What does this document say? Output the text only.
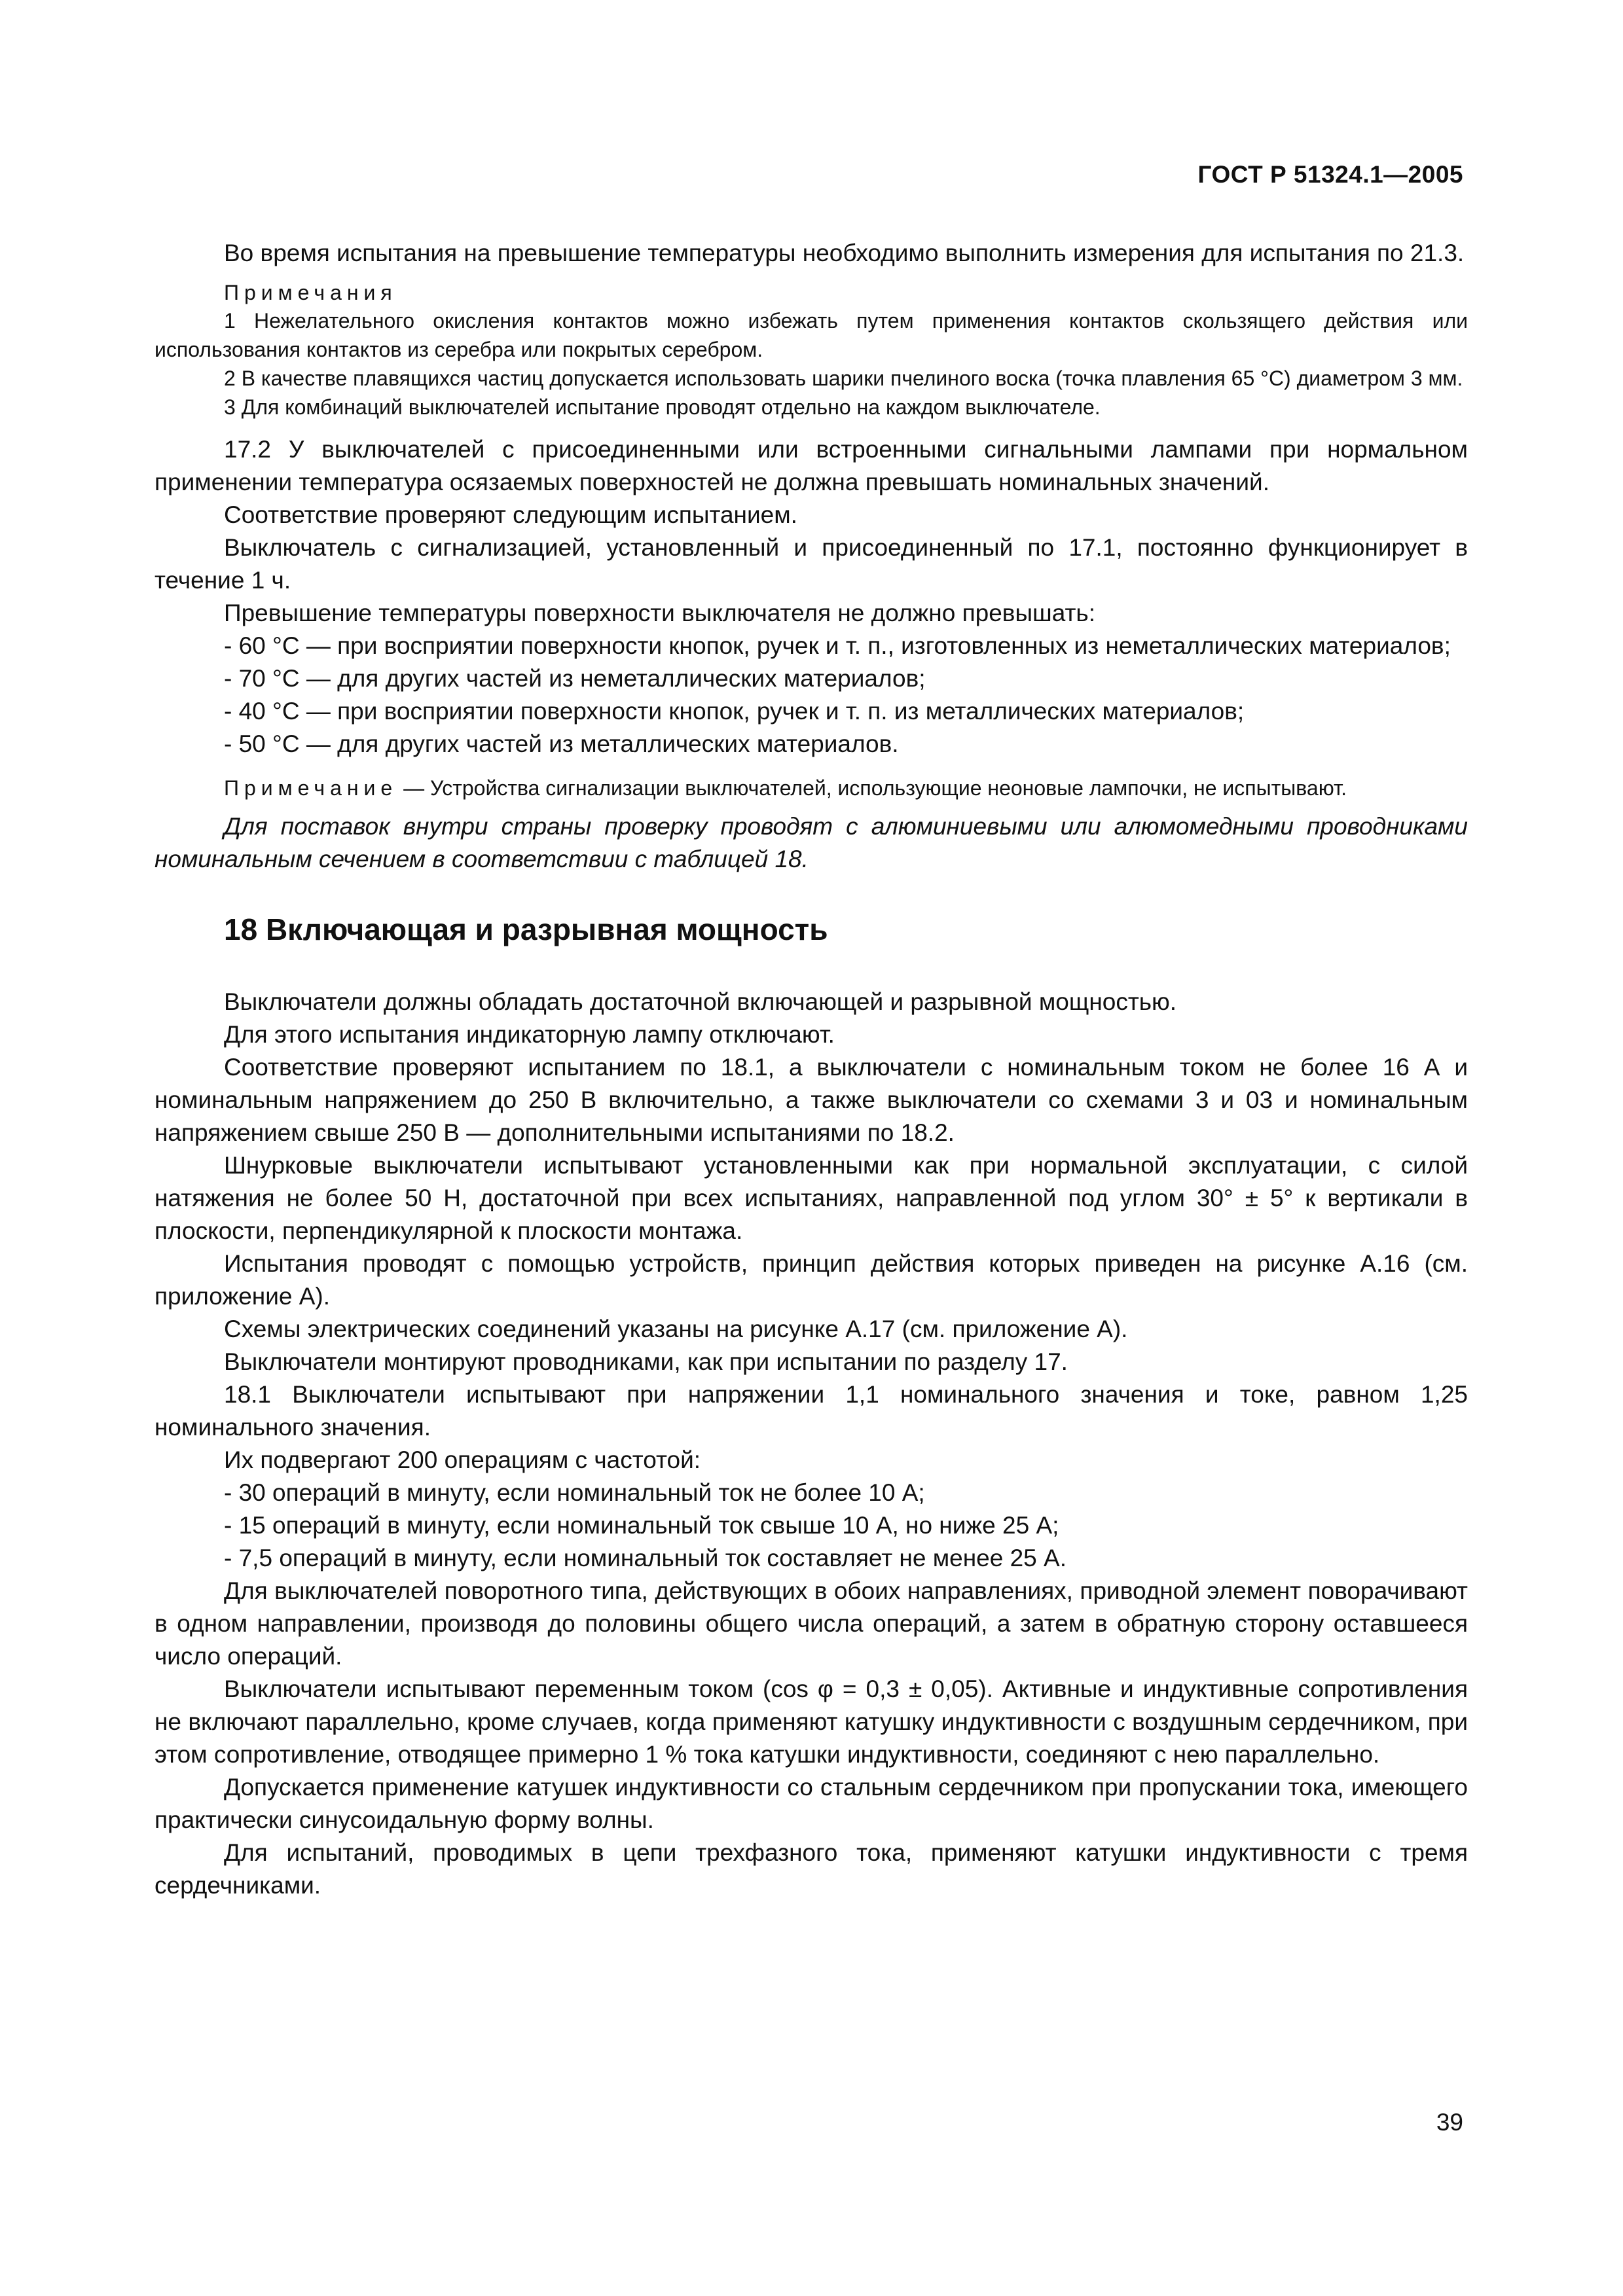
ГОСТ Р 51324.1—2005

Во время испытания на превышение температуры необходимо выполнить измерения для испытания по 21.3.

Примечания

1 Нежелательного окисления контактов можно избежать путем применения контактов скользящего действия или использования контактов из серебра или покрытых серебром.

2 В качестве плавящихся частиц допускается использовать шарики пчелиного воска (точка плавления 65 °С) диаметром 3 мм.

3 Для комбинаций выключателей испытание проводят отдельно на каждом выключателе.

17.2 У выключателей с присоединенными или встроенными сигнальными лампами при нормальном применении температура осязаемых поверхностей не должна превышать номинальных значений.

Соответствие проверяют следующим испытанием.

Выключатель с сигнализацией, установленный и присоединенный по 17.1, постоянно функционирует в течение 1 ч.

Превышение температуры поверхности выключателя не должно превышать:

- 60 °С — при восприятии поверхности кнопок, ручек и т. п., изготовленных из неметаллических материалов;

- 70 °С — для других частей из неметаллических материалов;

- 40 °С — при восприятии поверхности кнопок, ручек и т. п. из металлических материалов;

- 50 °С — для других частей из металлических материалов.

Примечание — Устройства сигнализации выключателей, использующие неоновые лампочки, не испытывают.

Для поставок внутри страны проверку проводят с алюминиевыми или алюмомедными проводниками номинальным сечением в соответствии с таблицей 18.

18 Включающая и разрывная мощность

Выключатели должны обладать достаточной включающей и разрывной мощностью.

Для этого испытания индикаторную лампу отключают.

Соответствие проверяют испытанием по 18.1, а выключатели с номинальным током не более 16 А и номинальным напряжением до 250 В включительно, а также выключатели со схемами 3 и 03 и номинальным напряжением свыше 250 В — дополнительными испытаниями по 18.2.

Шнурковые выключатели испытывают установленными как при нормальной эксплуатации, с силой натяжения не более 50 Н, достаточной при всех испытаниях, направленной под углом 30° ± 5° к вертикали в плоскости, перпендикулярной к плоскости монтажа.

Испытания проводят с помощью устройств, принцип действия которых приведен на рисунке А.16 (см. приложение А).

Схемы электрических соединений указаны на рисунке А.17 (см. приложение А).

Выключатели монтируют проводниками, как при испытании по разделу 17.

18.1 Выключатели испытывают при напряжении 1,1 номинального значения и токе, равном 1,25 номинального значения.

Их подвергают 200 операциям с частотой:

- 30 операций в минуту, если номинальный ток не более 10 А;

- 15 операций в минуту, если номинальный ток свыше 10 А, но ниже 25 А;

- 7,5 операций в минуту, если номинальный ток составляет не менее 25 А.

Для выключателей поворотного типа, действующих в обоих направлениях, приводной элемент поворачивают в одном направлении, производя до половины общего числа операций, а затем в обратную сторону оставшееся число операций.

Выключатели испытывают переменным током (cos φ = 0,3 ± 0,05). Активные и индуктивные сопротивления не включают параллельно, кроме случаев, когда применяют катушку индуктивности с воздушным сердечником, при этом сопротивление, отводящее примерно 1 % тока катушки индуктивности, соединяют с нею параллельно.

Допускается применение катушек индуктивности со стальным сердечником при пропускании тока, имеющего практически синусоидальную форму волны.

Для испытаний, проводимых в цепи трехфазного тока, применяют катушки индуктивности с тремя сердечниками.

39
